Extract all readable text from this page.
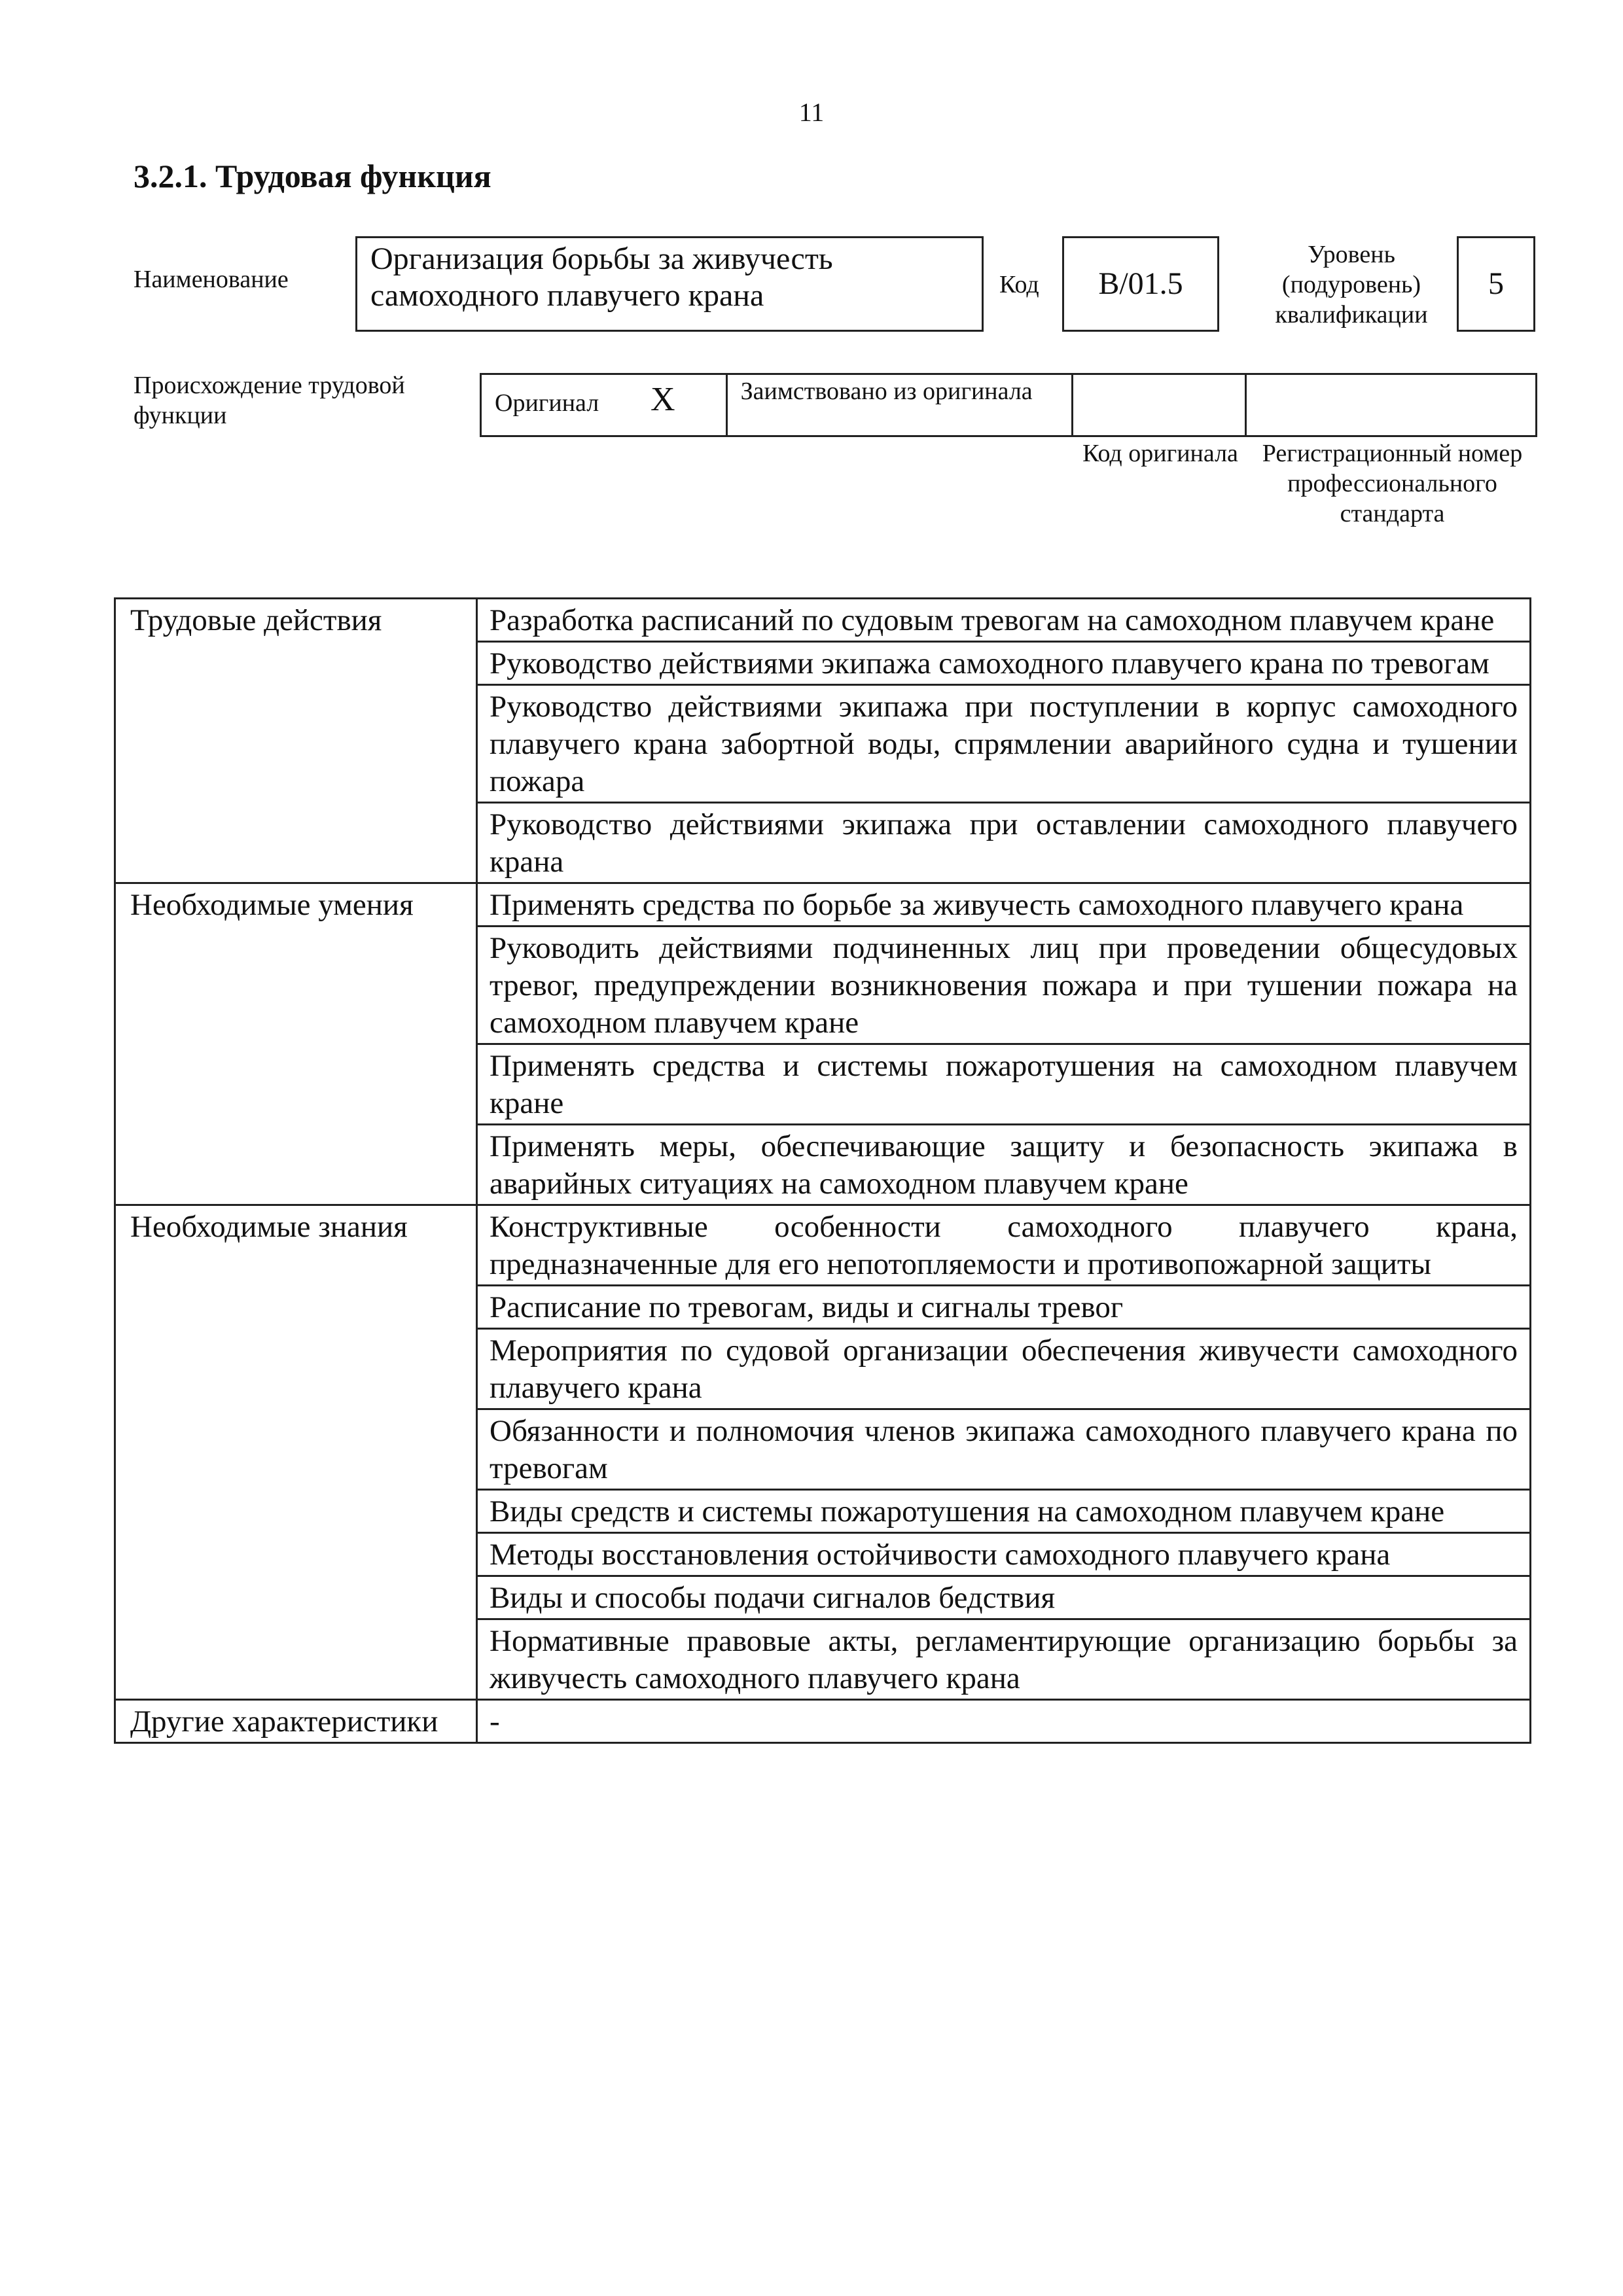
11
3.2.1. Трудовая функция
Наименование
Организация борьбы за живучесть самоходного плавучего крана	Код B/01.5
Уровень (подуровень) квалификации
5
Происхождение трудовой функции	Оригинал X	Заимствовано из оригинала
Код оригинала Регистрационный номер профессионального стандарта
Трудовые действия	Разработка расписаний по судовым тревогам на самоходном плавучем кране
	Руководство действиями экипажа самоходного плавучего крана по тревогам
	Руководство действиями экипажа при поступлении в корпус самоходного плавучего крана забортной воды, спрямлении аварийного судна и тушении пожара
	Руководство действиями экипажа при оставлении самоходного плавучего крана
Необходимые умения	Применять средства по борьбе за живучесть самоходного плавучего крана
	Руководить действиями подчиненных лиц при проведении общесудовых тревог, предупреждении возникновения пожара и при тушении пожара на самоходном плавучем кране
	Применять средства и системы пожаротушения на самоходном плавучем кране
	Применять меры, обеспечивающие защиту и безопасность экипажа в аварийных ситуациях на самоходном плавучем кране
Необходимые знания	Конструктивные особенности самоходного плавучего крана, предназначенные для его непотопляемости и противопожарной защиты
	Расписание по тревогам, виды и сигналы тревог
	Мероприятия по судовой организации обеспечения живучести самоходного плавучего крана
	Обязанности и полномочия членов экипажа самоходного плавучего крана по тревогам
	Виды средств и системы пожаротушения на самоходном плавучем кране
	Методы восстановления остойчивости самоходного плавучего крана
	Виды и способы подачи сигналов бедствия
	Нормативные правовые акты, регламентирующие организацию борьбы за живучесть самоходного плавучего крана
Другие характеристики	-
